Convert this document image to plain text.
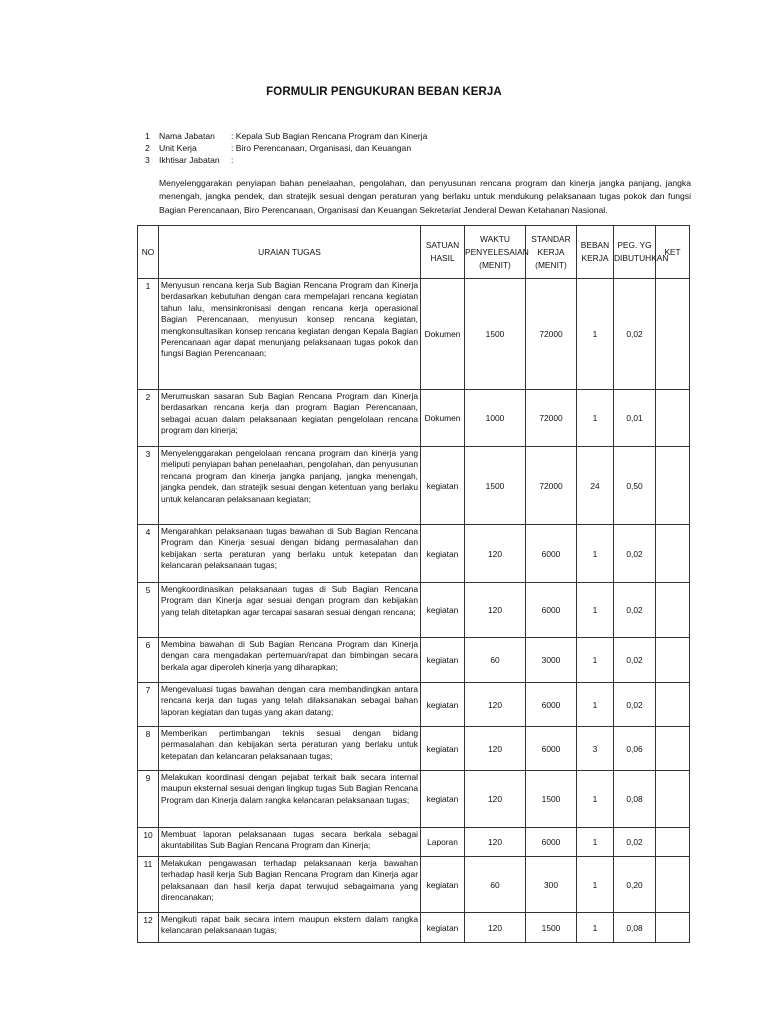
FORMULIR PENGUKURAN BEBAN KERJA
1	Nama Jabatan	: Kepala Sub Bagian Rencana Program dan Kinerja
2	Unit Kerja	: Biro Perencanaan, Organisasi, dan Keuangan
3	Ikhtisar Jabatan	:
Menyelenggarakan penyiapan bahan penelaahan, pengolahan, dan penyusunan rencana program dan kinerja jangka panjang, jangka menengah, jangka pendek, dan stratejik sesuai dengan peraturan yang berlaku untuk mendukung pelaksanaan tugas pokok dan fungsi Bagian Perencanaan, Biro Perencanaan, Organisasi dan Keuangan Sekretariat Jenderal Dewan Ketahanan Nasional.
NO	URAIAN TUGAS	SATUAN HASIL	WAKTU PENYELESAIAN (MENIT)	STANDAR KERJA (MENIT)	BEBAN KERJA	PEG. YG DIBUTUHKAN	KET
1	Menyusun rencana kerja Sub Bagian Rencana Program dan Kinerja berdasarkan kebutuhan dengan cara mempelajari rencana kegiatan tahun lalu, mensinkronisasi dengan rencana kerja operasional Bagian Perencanaan, menyusun konsep rencana kegiatan, mengkonsultasikan konsep rencana kegiatan dengan Kepala Bagian Perencanaan agar dapat menunjang pelaksanaan tugas pokok dan fungsi Bagian Perencanaan;	Dokumen	1500	72000	1	0,02	
2	Merumuskan sasaran Sub Bagian Rencana Program dan Kinerja berdasarkan rencana kerja dan program Bagian Perencanaan, sebagai acuan dalam pelaksanaan kegiatan pengelolaan rencana program dan kinerja;	Dokumen	1000	72000	1	0,01	
3	Menyelenggarakan pengelolaan rencana program dan kinerja yang meliputi penyiapan bahan penelaahan, pengolahan, dan penyusunan rencana program dan kinerja jangka panjang, jangka menengah, jangka pendek, dan stratejik sesuai dengan ketentuan yang berlaku untuk kelancaran pelaksanaan kegiatan;	kegiatan	1500	72000	24	0,50	
4	Mengarahkan pelaksanaan tugas bawahan di Sub Bagian Rencana Program dan Kinerja sesuai dengan bidang permasalahan dan kebijakan serta peraturan yang berlaku untuk ketepatan dan kelancaran pelaksanaan tugas;	kegiatan	120	6000	1	0,02	
5	Mengkoordinasikan pelaksanaan tugas di Sub Bagian Rencana Program dan Kinerja agar sesuai dengan program dan kebijakan yang telah ditetapkan agar tercapai sasaran sesuai dengan rencana;	kegiatan	120	6000	1	0,02	
6	Membina bawahan di Sub Bagian Rencana Program dan Kinerja dengan cara mengadakan pertemuan/rapat dan bimbingan secara berkala agar diperoleh kinerja yang diharapkan;	kegiatan	60	3000	1	0,02	
7	Mengevaluasi tugas bawahan dengan cara membandingkan antara rencana kerja dan tugas yang telah dilaksanakan sebagai bahan laporan kegiatan dan tugas yang akan datang;	kegiatan	120	6000	1	0,02	
8	Memberikan pertimbangan teknis sesuai dengan bidang permasalahan dan kebijakan serta peraturan yang berlaku untuk ketepatan dan kelancaran pelaksanaan tugas;	kegiatan	120	6000	3	0,06	
9	Melakukan koordinasi dengan pejabat terkait baik secara internal maupun eksternal sesuai dengan lingkup tugas Sub Bagian Rencana Program dan Kinerja dalam rangka kelancaran pelaksanaan tugas;	kegiatan	120	1500	1	0,08	
10	Membuat laporan pelaksanaan tugas secara berkala sebagai akuntabilitas Sub Bagian Rencana Program dan Kinerja;	Laporan	120	6000	1	0,02	
11	Melakukan pengawasan terhadap pelaksanaan kerja bawahan terhadap hasil kerja Sub Bagian Rencana Program dan Kinerja agar pelaksanaan dan hasil kerja dapat terwujud sebagaimana yang direncanakan;	kegiatan	60	300	1	0,20	
12	Mengikuti rapat baik secara intern maupun ekstern dalam rangka kelancaran pelaksanaan tugas;	kegiatan	120	1500	1	0,08	
